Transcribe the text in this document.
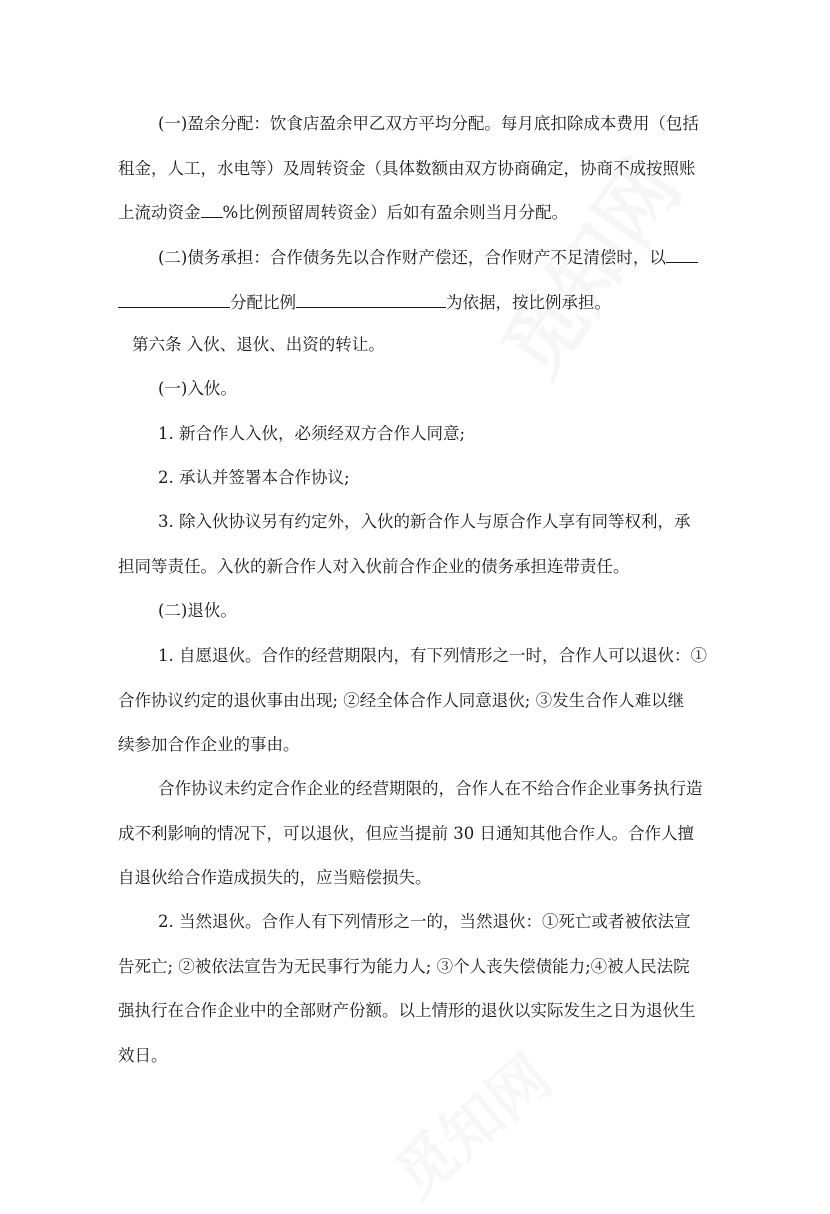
(一)盈余分配：饮食店盈余甲乙双方平均分配。每月底扣除成本费用（包括
租金，人工，水电等）及周转资金（具体数额由双方协商确定，协商不成按照账
上流动资金 %比例预留周转资金）后如有盈余则当月分配。

(二)债务承担：合作债务先以合作财产偿还，合作财产不足清偿时，以
分配比例	为依据，按比例承担。

第六条 入伙、退伙、出资的转让。

(一)入伙。

1. 新合作人入伙，必须经双方合作人同意;

2. 承认并签署本合作协议;

3. 除入伙协议另有约定外，入伙的新合作人与原合作人享有同等权利，承
担同等责任。入伙的新合作人对入伙前合作企业的债务承担连带责任。

(二)退伙。

1. 自愿退伙。合作的经营期限内，有下列情形之一时，合作人可以退伙：①
合作协议约定的退伙事由出现; ②经全体合作人同意退伙; ③发生合作人难以继
续参加合作企业的事由。

合作协议未约定合作企业的经营期限的，合作人在不给合作企业事务执行造
成不利影响的情况下，可以退伙，但应当提前 30 日通知其他合作人。合作人擅
自退伙给合作造成损失的，应当赔偿损失。

2. 当然退伙。合作人有下列情形之一的，当然退伙：①死亡或者被依法宣
告死亡; ②被依法宣告为无民事行为能力人; ③个人丧失偿债能力;④被人民法院
强执行在合作企业中的全部财产份额。以上情形的退伙以实际发生之日为退伙生
效日。
